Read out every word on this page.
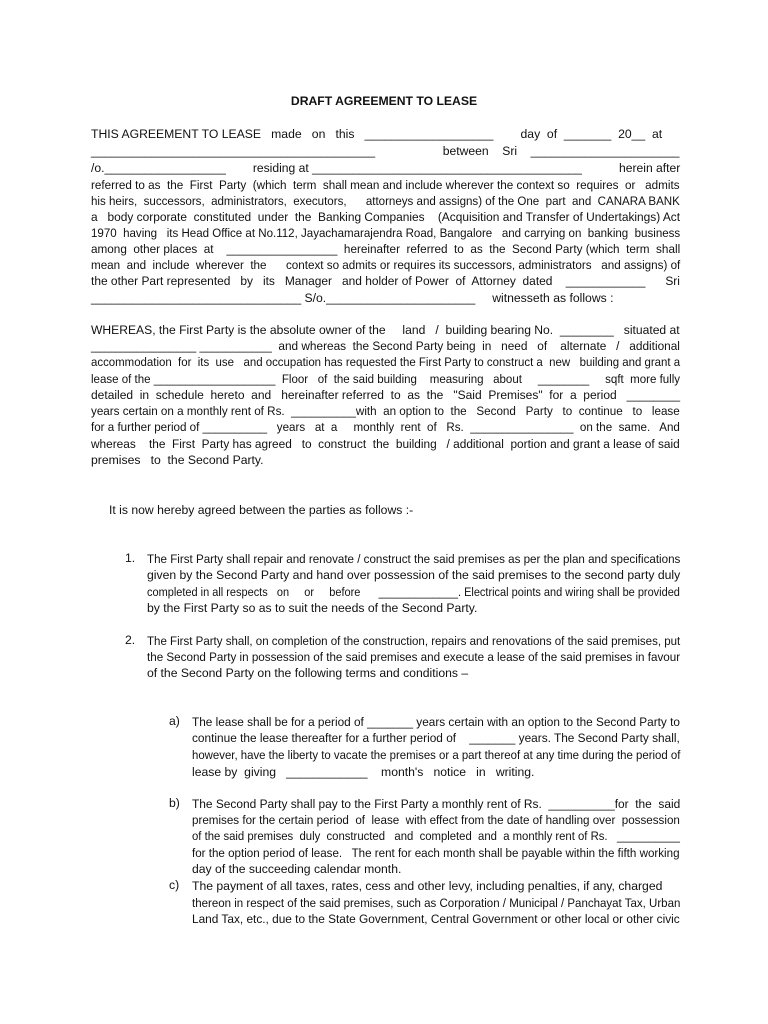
DRAFT AGREEMENT TO LEASE
THIS AGREEMENT TO LEASE   made   on   this   ___________________        day  of  _______  20__  at
__________________________________________                    between    Sri    ______________________
/o.__________________        residing at ________________________________________           herein after
referred to as  the  First  Party  (which  term  shall mean and include wherever the context so  requires  or   admits
his heirs,  successors,  administrators,  executors,      attorneys and assigns) of the One  part  and  CANARA BANK
a   body corporate  constituted  under  the  Banking Companies    (Acquisition and Transfer of Undertakings) Act
1970  having   its Head Office at No.112, Jayachamarajendra Road, Bangalore   and carrying on  banking  business
among  other places  at    _________________  hereinafter  referred  to  as  the  Second Party (which  term  shall
mean  and  include  wherever  the      context so admits or requires its successors, administrators   and assigns) of
the other Part represented   by   its   Manager   and holder of Power  of  Attorney  dated    ____________      Sri
_______________________________ S/o.______________________     witnesseth as follows :
WHEREAS, the First Party is the absolute owner of the     land   /  building bearing No.  ________   situated at
________________ ___________  and whereas  the Second Party being  in   need   of    alternate   /   additional
accommodation  for  its  use   and occupation has requested the First Party to construct a  new   building and grant a
lease of the ___________________  Floor   of  the said building    measuring   about     ________     sqft  more fully
detailed  in  schedule  hereto  and   hereinafter referred  to  as  the   "Said  Premises"  for  a  period   ________
years certain on a monthly rent of Rs.  __________with  an option to  the   Second   Party   to  continue   to   lease
for a further period of __________   years   at  a     monthly  rent  of   Rs.  ________________  on the  same.   And
whereas    the  First  Party has agreed   to  construct  the  building   / additional  portion and grant a lease of said
premises   to  the Second Party.
It is now hereby agreed between the parties as follows :-
1. The First Party shall repair and renovate / construct the said premises as per the plan and specifications
given by the Second Party and hand over possession of the said premises to the second party duly
completed in all respects   on     or     before      _____________. Electrical points and wiring shall be provided
by the First Party so as to suit the needs of the Second Party.
2. The First Party shall, on completion of the construction, repairs and renovations of the said premises, put
the Second Party in possession of the said premises and execute a lease of the said premises in favour
of the Second Party on the following terms and conditions –
a) The lease shall be for a period of _______ years certain with an option to the Second Party to
continue the lease thereafter for a further period of    _______ years. The Second Party shall,
however, have the liberty to vacate the premises or a part thereof at any time during the period of
lease by  giving   ____________    month's   notice   in   writing.
b) The Second Party shall pay to the First Party a monthly rent of Rs.  __________for  the  said
premises for the certain period  of  lease  with effect from the date of handling over  possession
of the said premises  duly  constructed   and  completed  and  a monthly rent of Rs.   __________
for the option period of lease.   The rent for each month shall be payable within the fifth working
day of the succeeding calendar month.
c) The payment of all taxes, rates, cess and other levy, including penalties, if any, charged
thereon in respect of the said premises, such as Corporation / Municipal / Panchayat Tax, Urban
Land Tax, etc., due to the State Government, Central Government or other local or other civic
